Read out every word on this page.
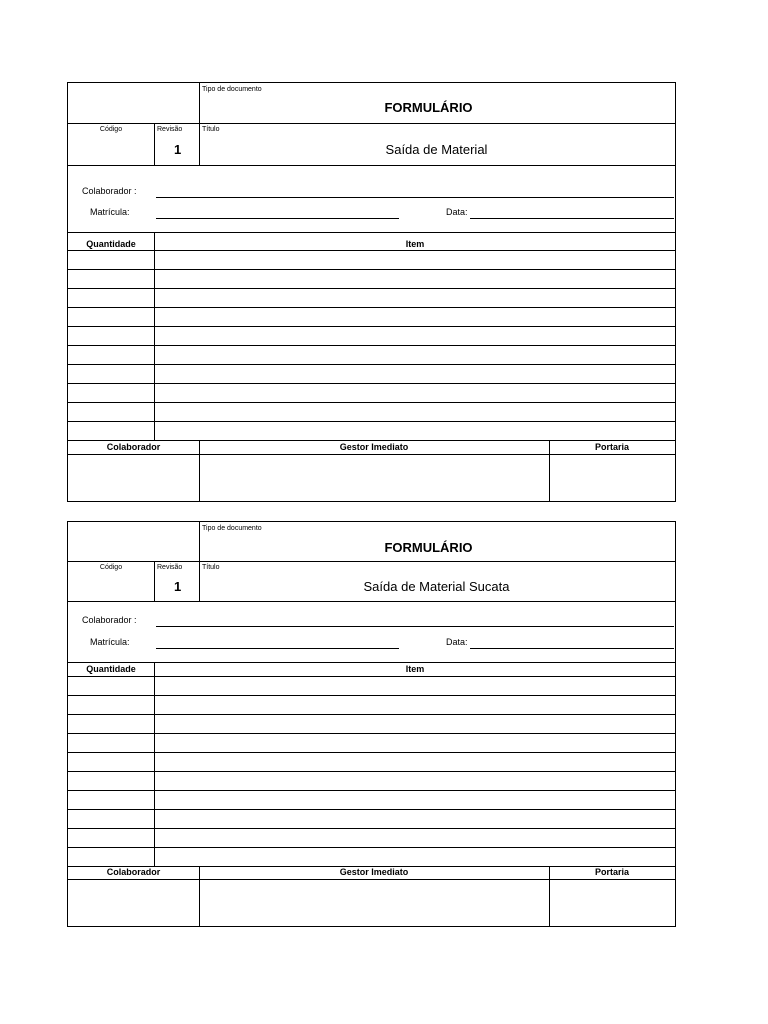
Tipo de documento
FORMULÁRIO
Código	Revisão
1
Título
Saída de Material
Colaborador :
Matrícula:	Data:
Quantidade	Item
Colaborador	Gestor Imediato	Portaria
Tipo de documento
FORMULÁRIO
Código	Revisão
1
Título
Saída de Material Sucata
Colaborador :
Matrícula:	Data:
Quantidade	Item
Colaborador	Gestor Imediato	Portaria
